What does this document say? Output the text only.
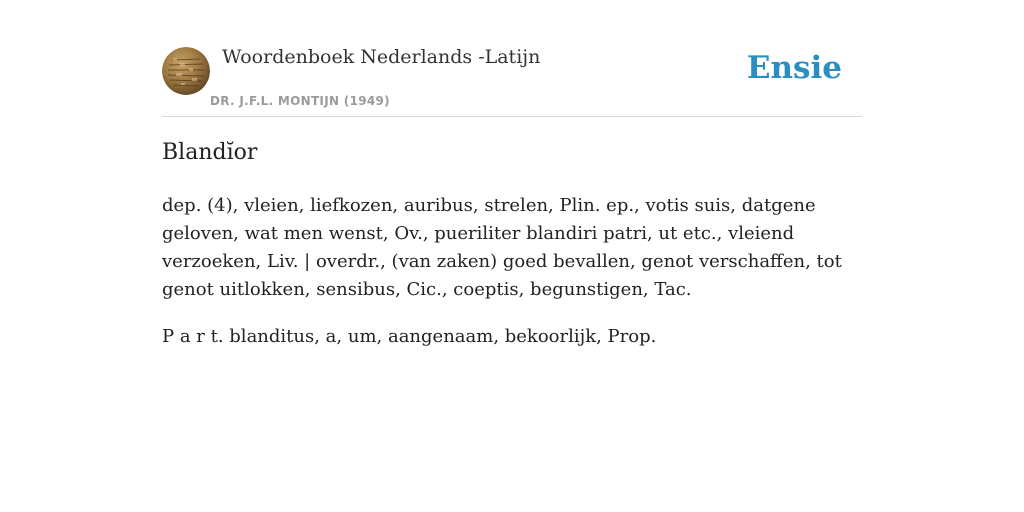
Woordenboek Nederlands -Latijn
DR. J.F.L. MONTIJN (1949)
Ensie
Blandĭor

dep. (4), vleien, liefkozen, auribus, strelen, Plin. ep., votis suis, datgene geloven, wat men wenst, Ov., pueriliter blandiri patri, ut etc., vleiend verzoeken, Liv. | overdr., (van zaken) goed bevallen, genot verschaffen, tot genot uitlokken, sensibus, Cic., coeptis, begunstigen, Tac.

P a r t. blanditus, a, um, aangenaam, bekoorlijk, Prop.
